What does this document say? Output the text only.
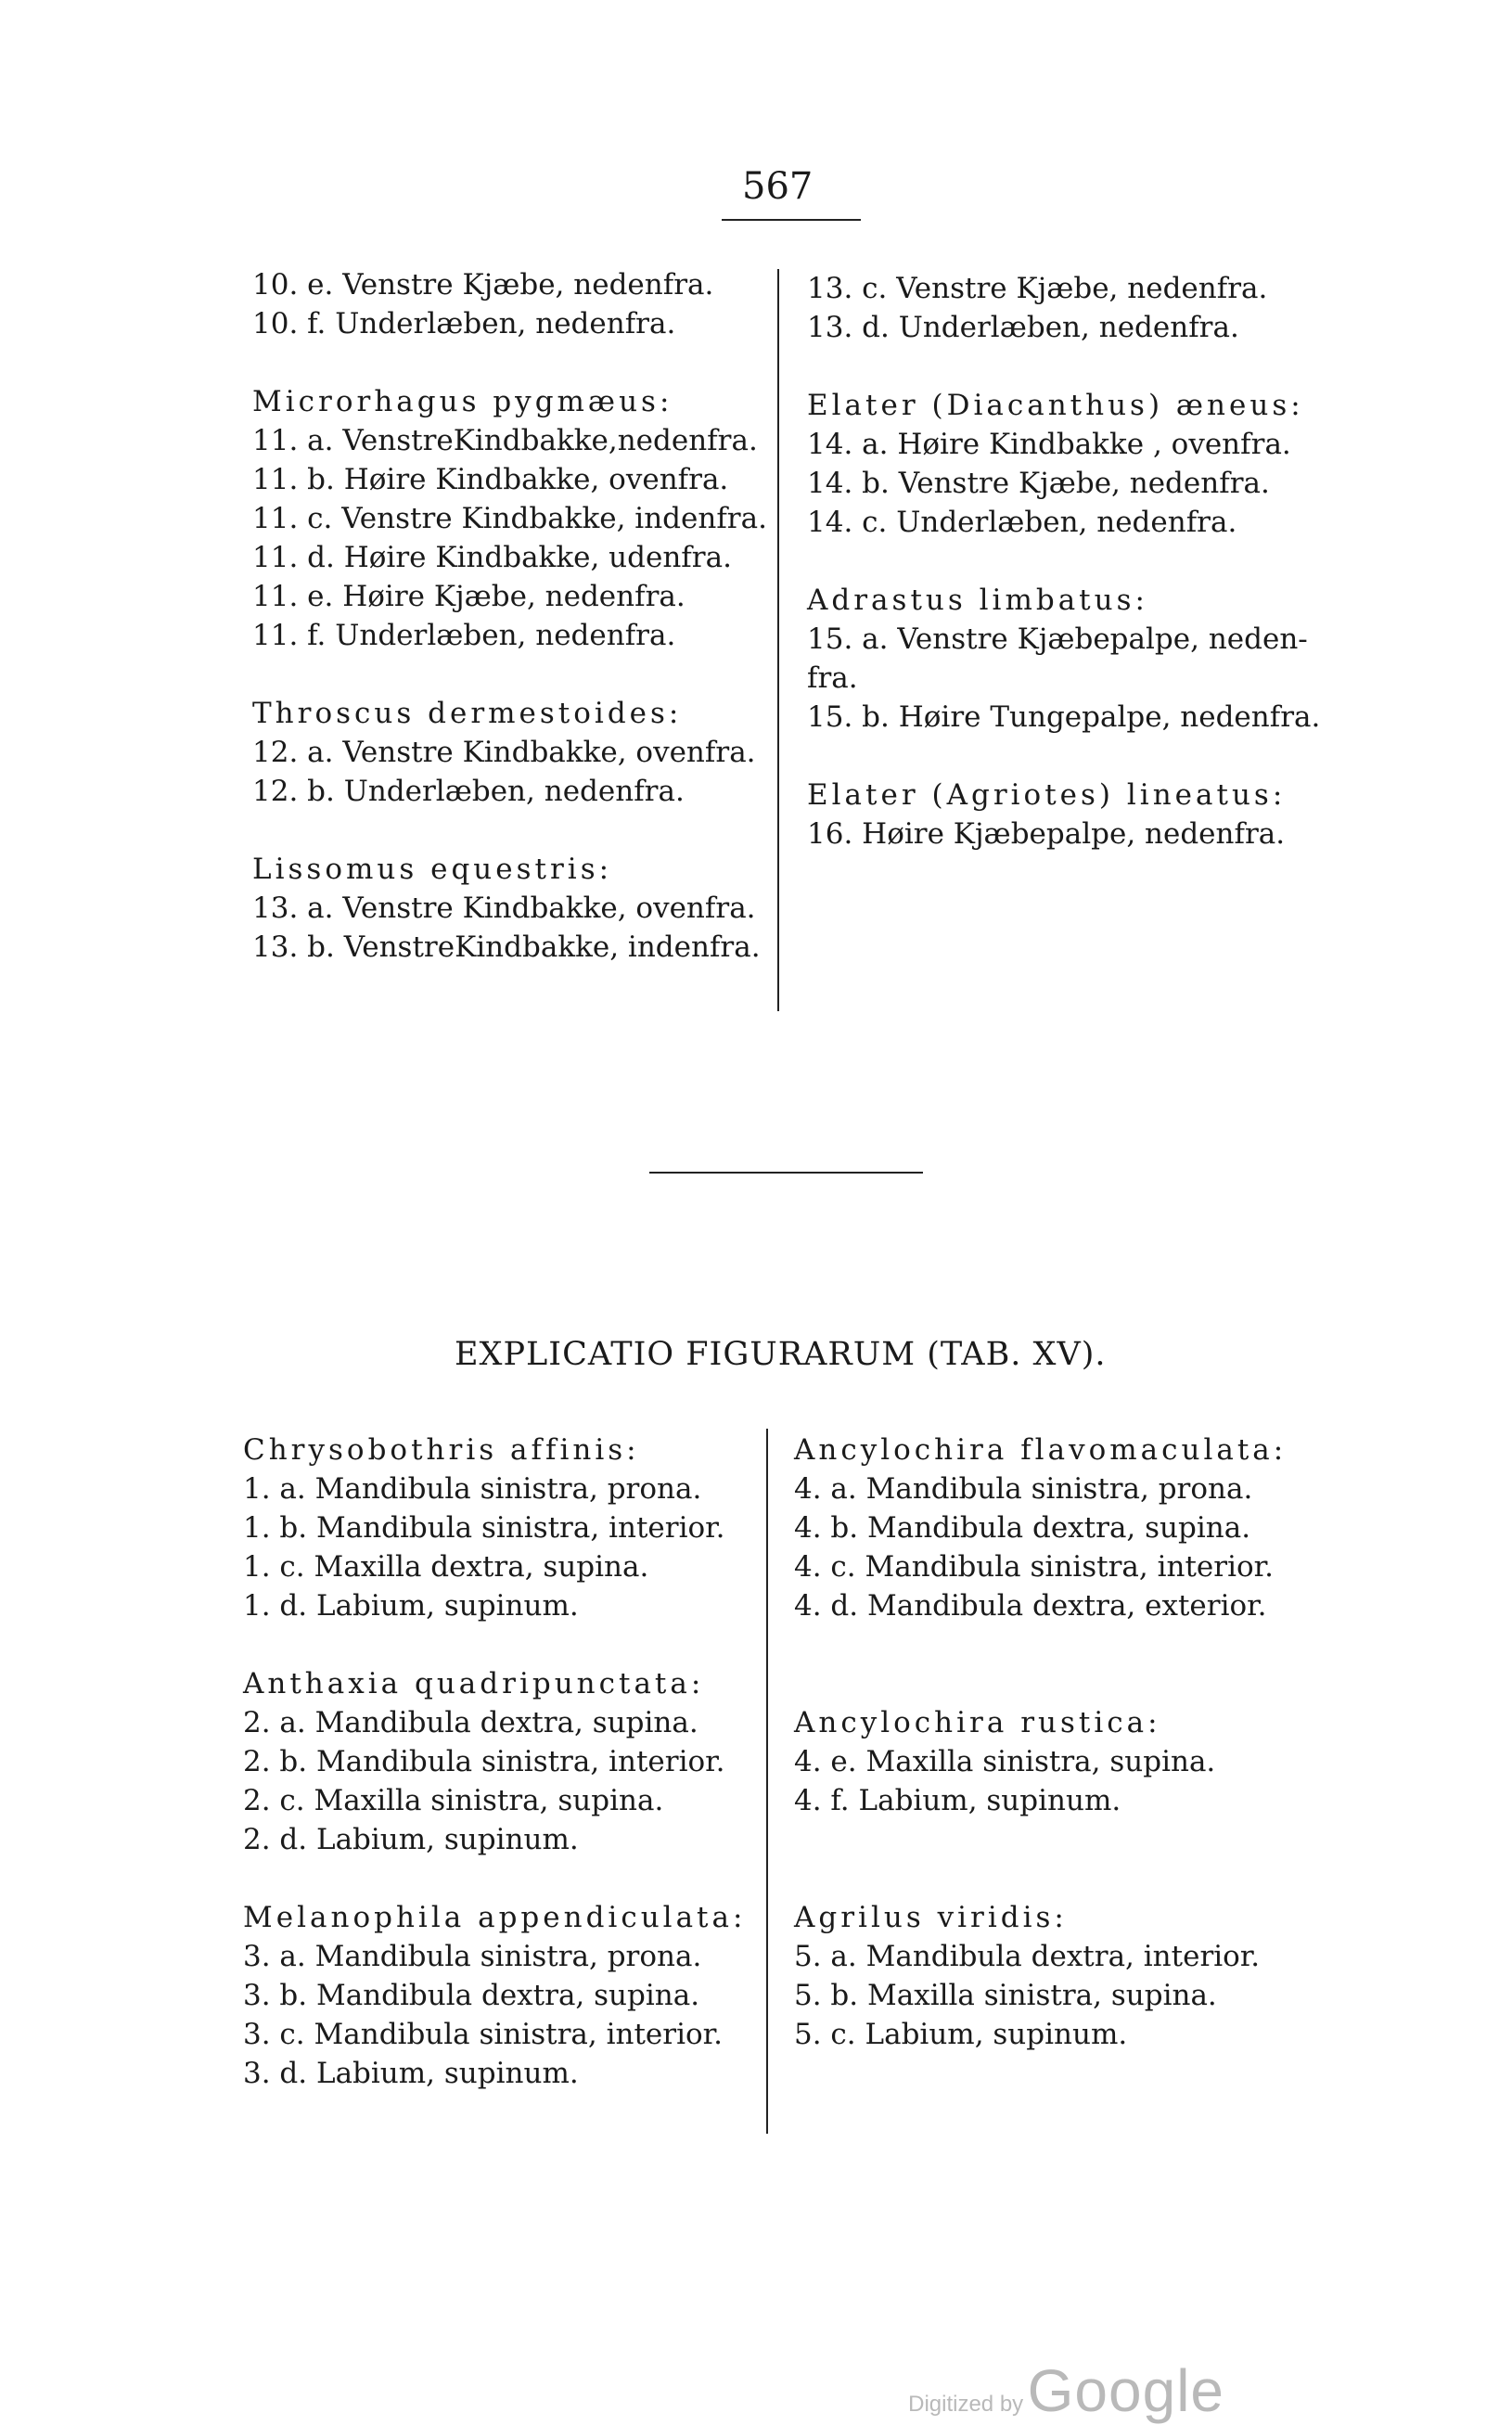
567
10. e. Venstre Kjæbe, nedenfra.
10. f. Underlæben, nedenfra.
Microrhagus pygmæus:
11. a. VenstreKindbakke,nedenfra.
11. b. Høire Kindbakke, ovenfra.
11. c. Venstre Kindbakke, indenfra.
11. d. Høire Kindbakke, udenfra.
11. e. Høire Kjæbe, nedenfra.
11. f. Underlæben, nedenfra.
Throscus dermestoides:
12. a. Venstre Kindbakke, ovenfra.
12. b. Underlæben, nedenfra.
Lissomus equestris:
13. a. Venstre Kindbakke, ovenfra.
13. b. VenstreKindbakke, indenfra.
13. c. Venstre Kjæbe, nedenfra.
13. d. Underlæben, nedenfra.
Elater (Diacanthus) æneus:
14. a. Høire Kindbakke , ovenfra.
14. b. Venstre Kjæbe, nedenfra.
14. c. Underlæben, nedenfra.
Adrastus limbatus:
15. a. Venstre Kjæbepalpe, neden-
fra.
15. b. Høire Tungepalpe, nedenfra.
Elater (Agriotes) lineatus:
16. Høire Kjæbepalpe, nedenfra.
EXPLICATIO FIGURARUM (TAB. XV).
Chrysobothris affinis:
1. a. Mandibula sinistra, prona.
1. b. Mandibula sinistra, interior.
1. c. Maxilla dextra, supina.
1. d. Labium, supinum.
Anthaxia quadripunctata:
2. a. Mandibula dextra, supina.
2. b. Mandibula sinistra, interior.
2. c. Maxilla sinistra, supina.
2. d. Labium, supinum.
Melanophila appendiculata:
3. a. Mandibula sinistra, prona.
3. b. Mandibula dextra, supina.
3. c. Mandibula sinistra, interior.
3. d. Labium, supinum.
Ancylochira flavomaculata:
4. a. Mandibula sinistra, prona.
4. b. Mandibula dextra, supina.
4. c. Mandibula sinistra, interior.
4. d. Mandibula dextra, exterior.
Ancylochira rustica:
4. e. Maxilla sinistra, supina.
4. f. Labium, supinum.
Agrilus viridis:
5. a. Mandibula dextra, interior.
5. b. Maxilla sinistra, supina.
5. c. Labium, supinum.
Digitized by Google
